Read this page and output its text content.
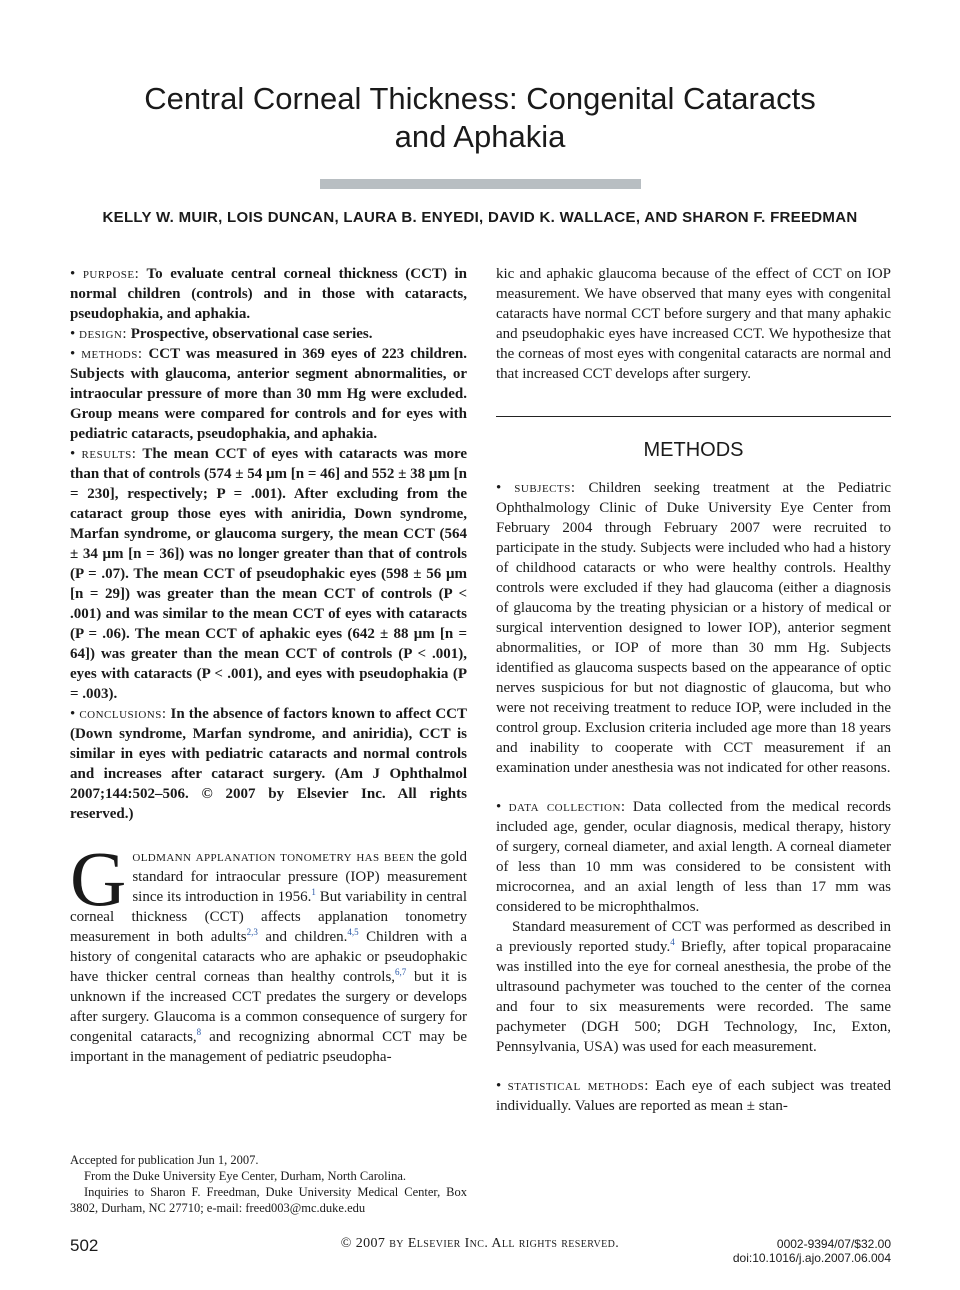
Central Corneal Thickness: Congenital Cataracts
and Aphakia
KELLY W. MUIR, LOIS DUNCAN, LAURA B. ENYEDI, DAVID K. WALLACE, AND SHARON F. FREEDMAN

• purpose: To evaluate central corneal thickness (CCT) in normal children (controls) and in those with cataracts, pseudophakia, and aphakia.

• design: Prospective, observational case series.

• methods: CCT was measured in 369 eyes of 223 children. Subjects with glaucoma, anterior segment abnormalities, or intraocular pressure of more than 30 mm Hg were excluded. Group means were compared for controls and for eyes with pediatric cataracts, pseudophakia, and aphakia.

• results: The mean CCT of eyes with cataracts was more than that of controls (574 ± 54 μm [n = 46] and 552 ± 38 μm [n = 230], respectively; P = .001). After excluding from the cataract group those eyes with aniridia, Down syndrome, Marfan syndrome, or glaucoma surgery, the mean CCT (564 ± 34 μm [n = 36]) was no longer greater than that of controls (P = .07). The mean CCT of pseudophakic eyes (598 ± 56 μm [n = 29]) was greater than the mean CCT of controls (P < .001) and was similar to the mean CCT of eyes with cataracts (P = .06). The mean CCT of aphakic eyes (642 ± 88 μm [n = 64]) was greater than the mean CCT of controls (P < .001), eyes with cataracts (P < .001), and eyes with pseudophakia (P = .003).

• conclusions: In the absence of factors known to affect CCT (Down syndrome, Marfan syndrome, and aniridia), CCT is similar in eyes with pediatric cataracts and normal controls and increases after cataract surgery. (Am J Ophthalmol 2007;144:502–506. © 2007 by Elsevier Inc. All rights reserved.)

Goldmann applanation tonometry has been the gold standard for intraocular pressure (IOP) measurement since its introduction in 1956.$^1$ But variability in central corneal thickness (CCT) affects applanation tonometry measurement in both adults$^{2,3}$ and children.$^{4,5}$ Children with a history of congenital cataracts who are aphakic or pseudophakic have thicker central corneas than healthy controls,$^{6,7}$ but it is unknown if the increased CCT predates the surgery or develops after surgery. Glaucoma is a common consequence of surgery for congenital cataracts,$^8$ and recognizing abnormal CCT may be important in the management of pediatric pseudopha-

kic and aphakic glaucoma because of the effect of CCT on IOP measurement. We have observed that many eyes with congenital cataracts have normal CCT before surgery and that many aphakic and pseudophakic eyes have increased CCT. We hypothesize that the corneas of most eyes with congenital cataracts are normal and that increased CCT develops after surgery.

METHODS

• subjects: Children seeking treatment at the Pediatric Ophthalmology Clinic of Duke University Eye Center from February 2004 through February 2007 were recruited to participate in the study. Subjects were included who had a history of childhood cataracts or who were healthy controls. Healthy controls were excluded if they had glaucoma (either a diagnosis of glaucoma by the treating physician or a history of medical or surgical intervention designed to lower IOP), anterior segment abnormalities, or IOP of more than 30 mm Hg. Subjects identified as glaucoma suspects based on the appearance of optic nerves suspicious for but not diagnostic of glaucoma, but who were not receiving treatment to reduce IOP, were included in the control group. Exclusion criteria included age more than 18 years and inability to cooperate with CCT measurement if an examination under anesthesia was not indicated for other reasons.

• data collection: Data collected from the medical records included age, gender, ocular diagnosis, medical therapy, history of surgery, corneal diameter, and axial length. A corneal diameter of less than 10 mm was considered to be consistent with microcornea, and an axial length of less than 17 mm was considered to be microphthalmos.

Standard measurement of CCT was performed as described in a previously reported study.$^4$ Briefly, after topical proparacaine was instilled into the eye for corneal anesthesia, the probe of the ultrasound pachymeter was touched to the center of the cornea and four to six measurements were recorded. The same pachymeter (DGH 500; DGH Technology, Inc, Exton, Pennsylvania, USA) was used for each measurement.

• statistical methods: Each eye of each subject was treated individually. Values are reported as mean ± stan-

Accepted for publication Jun 1, 2007.

From the Duke University Eye Center, Durham, North Carolina.

Inquiries to Sharon F. Freedman, Duke University Medical Center, Box 3802, Durham, NC 27710; e-mail: freed003@mc.duke.edu

502	© 2007 by Elsevier Inc. All rights reserved.	0002-9394/07/$32.00
doi:10.1016/j.ajo.2007.06.004
